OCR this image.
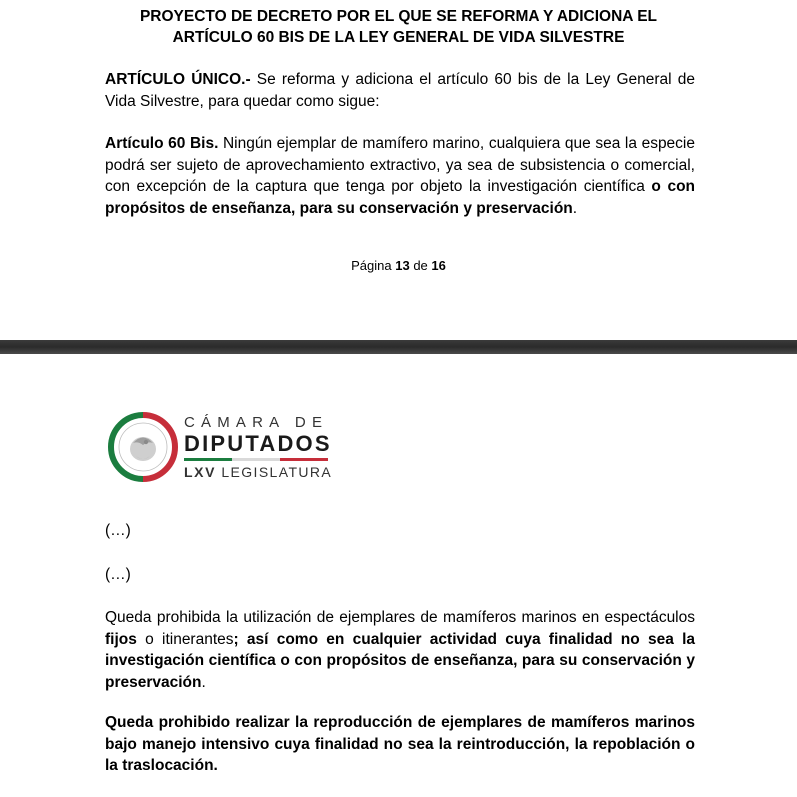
PROYECTO DE DECRETO POR EL QUE SE REFORMA Y ADICIONA EL
ARTÍCULO 60 BIS DE LA LEY GENERAL DE VIDA SILVESTRE
ARTÍCULO ÚNICO.- Se reforma y adiciona el artículo 60 bis de la Ley General de Vida Silvestre, para quedar como sigue:
Artículo 60 Bis. Ningún ejemplar de mamífero marino, cualquiera que sea la especie podrá ser sujeto de aprovechamiento extractivo, ya sea de subsistencia o comercial, con excepción de la captura que tenga por objeto la investigación científica o con propósitos de enseñanza, para su conservación y preservación.
Página 13 de 16
CÁMARA DE
DIPUTADOS
LXV LEGISLATURA
(…)
(…)
Queda prohibida la utilización de ejemplares de mamíferos marinos en espectáculos fijos o itinerantes; así como en cualquier actividad cuya finalidad no sea la investigación científica o con propósitos de enseñanza, para su conservación y preservación.
Queda prohibido realizar la reproducción de ejemplares de mamíferos marinos bajo manejo intensivo cuya finalidad no sea la reintroducción, la repoblación o la traslocación.
